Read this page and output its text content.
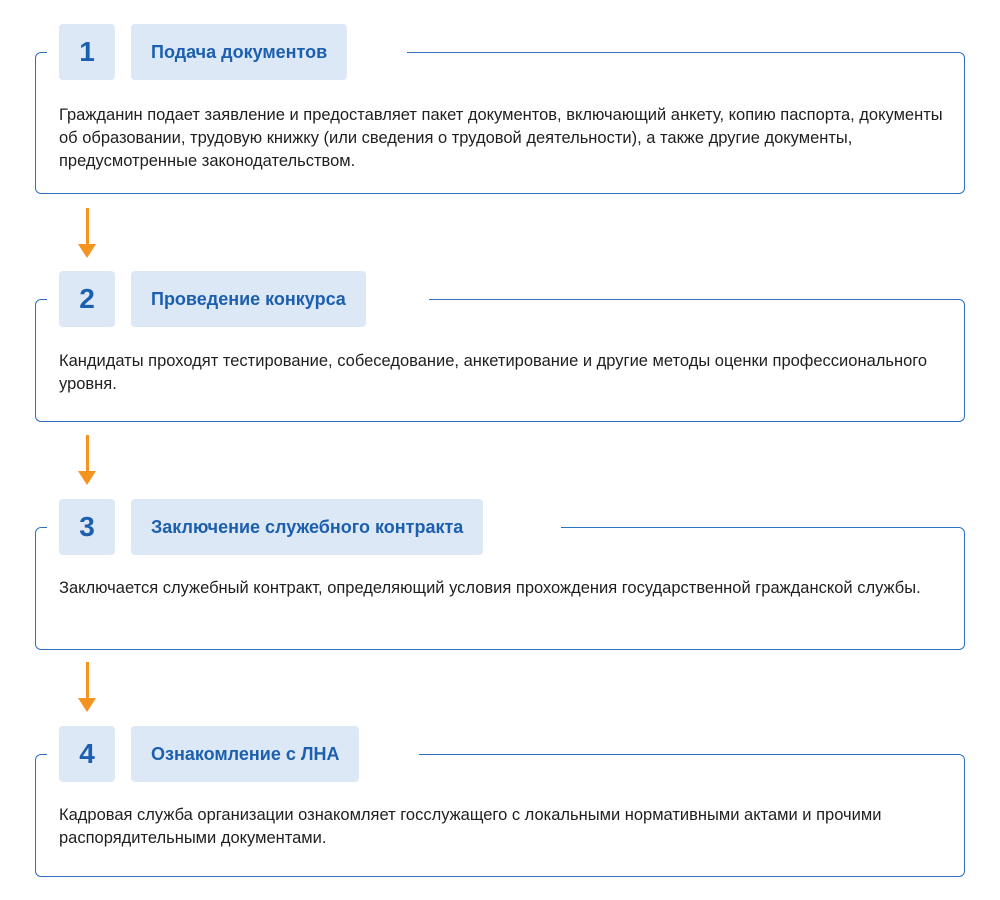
1	Подача документов
Гражданин подает заявление и предоставляет пакет документов, включающий анкету, копию паспорта, документы об образовании, трудовую книжку (или сведения о трудовой деятельности), а также другие документы, предусмотренные законодательством.
2	Проведение конкурса
Кандидаты проходят тестирование, собеседование, анкетирование и другие методы оценки профессионального уровня.
3	Заключение служебного контракта
Заключается служебный контракт, определяющий условия прохождения государственной гражданской службы.
4	Ознакомление с ЛНА
Кадровая служба организации ознакомляет госслужащего с локальными нормативными актами и прочими распорядительными документами.
